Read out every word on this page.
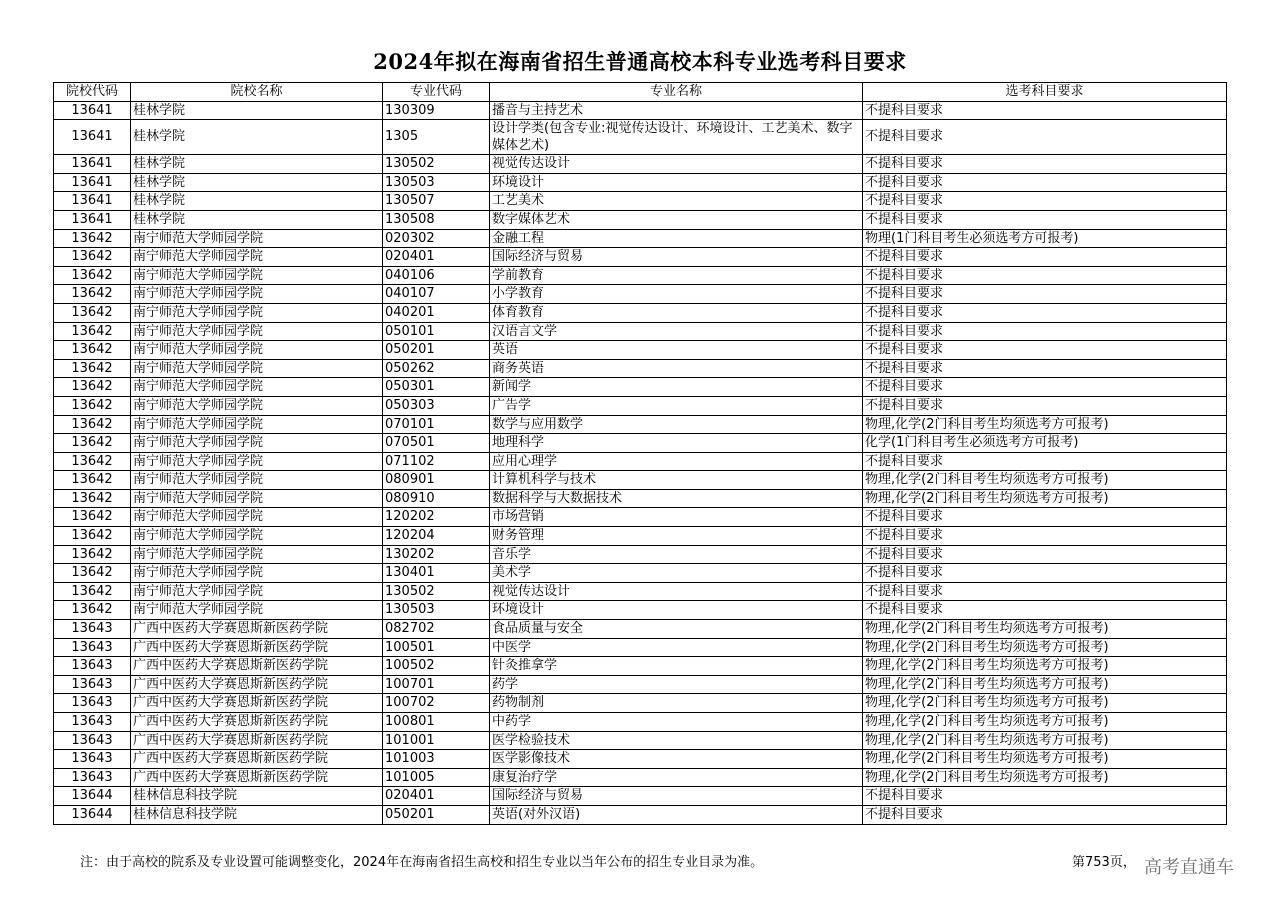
2024年拟在海南省招生普通高校本科专业选考科目要求
院校代码	院校名称	专业代码	专业名称	选考科目要求
13641	桂林学院	130309	播音与主持艺术	不提科目要求
13641	桂林学院	1305	设计学类(包含专业:视觉传达设计、环境设计、工艺美术、数字媒体艺术)	不提科目要求
13641	桂林学院	130502	视觉传达设计	不提科目要求
13641	桂林学院	130503	环境设计	不提科目要求
13641	桂林学院	130507	工艺美术	不提科目要求
13641	桂林学院	130508	数字媒体艺术	不提科目要求
13642	南宁师范大学师园学院	020302	金融工程	物理(1门科目考生必须选考方可报考)
13642	南宁师范大学师园学院	020401	国际经济与贸易	不提科目要求
13642	南宁师范大学师园学院	040106	学前教育	不提科目要求
13642	南宁师范大学师园学院	040107	小学教育	不提科目要求
13642	南宁师范大学师园学院	040201	体育教育	不提科目要求
13642	南宁师范大学师园学院	050101	汉语言文学	不提科目要求
13642	南宁师范大学师园学院	050201	英语	不提科目要求
13642	南宁师范大学师园学院	050262	商务英语	不提科目要求
13642	南宁师范大学师园学院	050301	新闻学	不提科目要求
13642	南宁师范大学师园学院	050303	广告学	不提科目要求
13642	南宁师范大学师园学院	070101	数学与应用数学	物理,化学(2门科目考生均须选考方可报考)
13642	南宁师范大学师园学院	070501	地理科学	化学(1门科目考生必须选考方可报考)
13642	南宁师范大学师园学院	071102	应用心理学	不提科目要求
13642	南宁师范大学师园学院	080901	计算机科学与技术	物理,化学(2门科目考生均须选考方可报考)
13642	南宁师范大学师园学院	080910	数据科学与大数据技术	物理,化学(2门科目考生均须选考方可报考)
13642	南宁师范大学师园学院	120202	市场营销	不提科目要求
13642	南宁师范大学师园学院	120204	财务管理	不提科目要求
13642	南宁师范大学师园学院	130202	音乐学	不提科目要求
13642	南宁师范大学师园学院	130401	美术学	不提科目要求
13642	南宁师范大学师园学院	130502	视觉传达设计	不提科目要求
13642	南宁师范大学师园学院	130503	环境设计	不提科目要求
13643	广西中医药大学赛恩斯新医药学院	082702	食品质量与安全	物理,化学(2门科目考生均须选考方可报考)
13643	广西中医药大学赛恩斯新医药学院	100501	中医学	物理,化学(2门科目考生均须选考方可报考)
13643	广西中医药大学赛恩斯新医药学院	100502	针灸推拿学	物理,化学(2门科目考生均须选考方可报考)
13643	广西中医药大学赛恩斯新医药学院	100701	药学	物理,化学(2门科目考生均须选考方可报考)
13643	广西中医药大学赛恩斯新医药学院	100702	药物制剂	物理,化学(2门科目考生均须选考方可报考)
13643	广西中医药大学赛恩斯新医药学院	100801	中药学	物理,化学(2门科目考生均须选考方可报考)
13643	广西中医药大学赛恩斯新医药学院	101001	医学检验技术	物理,化学(2门科目考生均须选考方可报考)
13643	广西中医药大学赛恩斯新医药学院	101003	医学影像技术	物理,化学(2门科目考生均须选考方可报考)
13643	广西中医药大学赛恩斯新医药学院	101005	康复治疗学	物理,化学(2门科目考生均须选考方可报考)
13644	桂林信息科技学院	020401	国际经济与贸易	不提科目要求
13644	桂林信息科技学院	050201	英语(对外汉语)	不提科目要求
注：由于高校的院系及专业设置可能调整变化，2024年在海南省招生高校和招生专业以当年公布的招生专业目录为准。	第753页， 高考直通车
